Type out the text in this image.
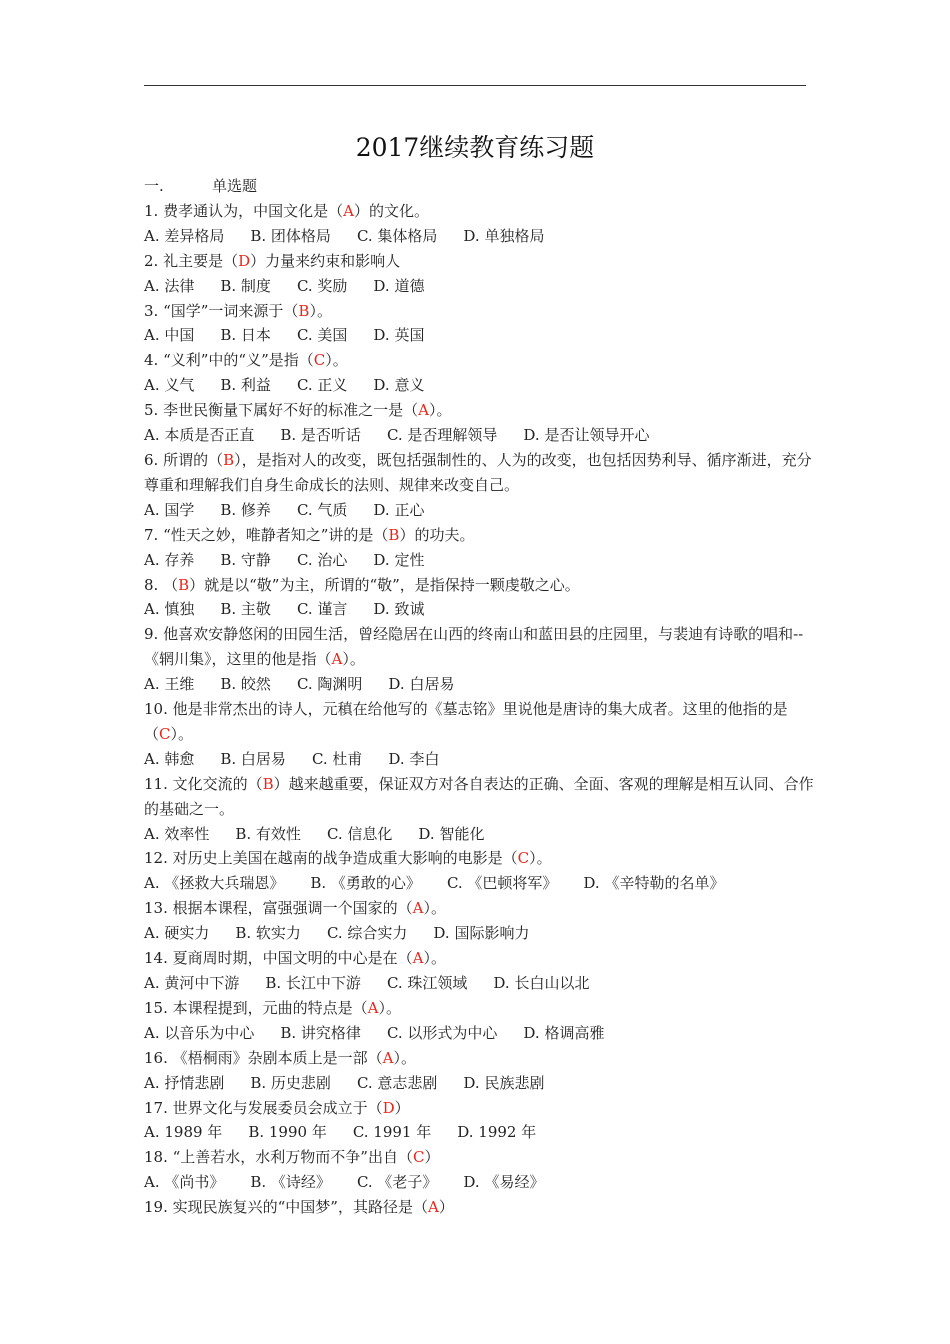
2017继续教育练习题
一.	单选题
1. 费孝通认为，中国文化是（A）的文化。
A. 差异格局 B. 团体格局 C. 集体格局 D. 单独格局
2. 礼主要是（D）力量来约束和影响人
A. 法律 B. 制度 C. 奖励 D. 道德
3. “国学”一词来源于（B）。
A. 中国 B. 日本 C. 美国 D. 英国
4. “义利”中的“义”是指（C）。
A. 义气 B. 利益 C. 正义 D. 意义
5. 李世民衡量下属好不好的标准之一是（A）。
A. 本质是否正直 B. 是否听话 C. 是否理解领导 D. 是否让领导开心
6. 所谓的（B），是指对人的改变，既包括强制性的、人为的改变，也包括因势利导、循序渐进，充分尊重和理解我们自身生命成长的法则、规律来改变自己。
A. 国学 B. 修养 C. 气质 D. 正心
7. “性天之妙，唯静者知之”讲的是（B）的功夫。
A. 存养 B. 守静 C. 治心 D. 定性
8. （B）就是以“敬”为主，所谓的“敬”，是指保持一颗虔敬之心。
A. 慎独 B. 主敬 C. 谨言 D. 致诚
9. 他喜欢安静悠闲的田园生活，曾经隐居在山西的终南山和蓝田县的庄园里，与裴迪有诗歌的唱和--《辋川集》，这里的他是指（A）。
A. 王维 B. 皎然 C. 陶渊明 D. 白居易
10. 他是非常杰出的诗人，元稹在给他写的《墓志铭》里说他是唐诗的集大成者。这里的他指的是（C）。
A. 韩愈 B. 白居易 C. 杜甫 D. 李白
11. 文化交流的（B）越来越重要，保证双方对各自表达的正确、全面、客观的理解是相互认同、合作的基础之一。
A. 效率性 B. 有效性 C. 信息化 D. 智能化
12. 对历史上美国在越南的战争造成重大影响的电影是（C）。
A. 《拯救大兵瑞恩》 B. 《勇敢的心》 C. 《巴顿将军》 D. 《辛特勒的名单》
13. 根据本课程，富强强调一个国家的（A）。
A. 硬实力 B. 软实力 C. 综合实力 D. 国际影响力
14. 夏商周时期，中国文明的中心是在（A）。
A. 黄河中下游 B. 长江中下游 C. 珠江领域 D. 长白山以北
15. 本课程提到，元曲的特点是（A）。
A. 以音乐为中心 B. 讲究格律 C. 以形式为中心 D. 格调高雅
16. 《梧桐雨》杂剧本质上是一部（A）。
A. 抒情悲剧 B. 历史悲剧 C. 意志悲剧 D. 民族悲剧
17. 世界文化与发展委员会成立于（D）
A. 1989 年 B. 1990 年 C. 1991 年 D. 1992 年
18. “上善若水，水利万物而不争”出自（C）
A. 《尚书》 B. 《诗经》 C. 《老子》 D. 《易经》
19. 实现民族复兴的“中国梦”，其路径是（A）
